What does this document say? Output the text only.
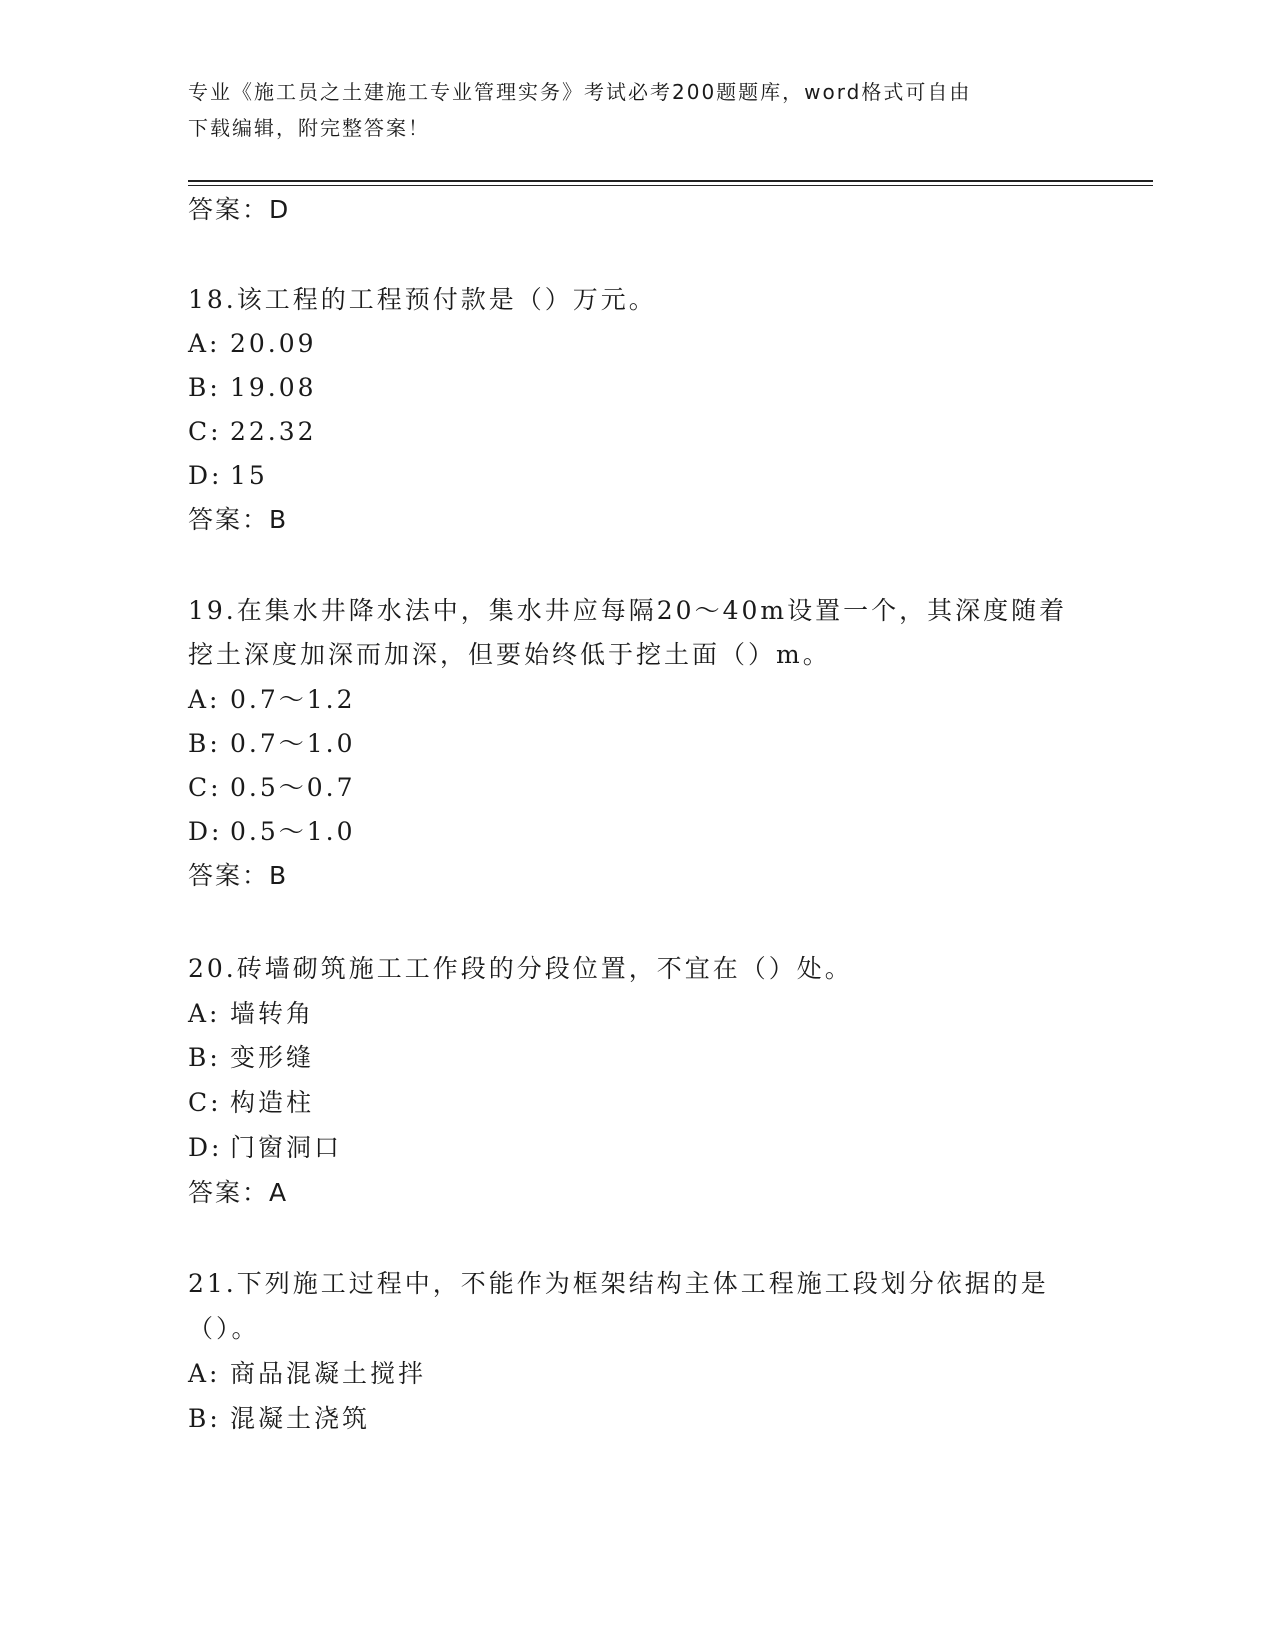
专业《施工员之土建施工专业管理实务》考试必考200题题库，word格式可自由
下载编辑，附完整答案！
答案：D
18.该工程的工程预付款是（）万元。
A: 20.09
B: 19.08
C: 22.32
D: 15
答案：B
19.在集水井降水法中，集水井应每隔20～40m设置一个，其深度随着
挖土深度加深而加深，但要始终低于挖土面（）m。
A: 0.7～1.2
B: 0.7～1.0
C: 0.5～0.7
D: 0.5～1.0
答案：B
20.砖墙砌筑施工工作段的分段位置，不宜在（）处。
A: 墙转角
B: 变形缝
C: 构造柱
D: 门窗洞口
答案：A
21.下列施工过程中，不能作为框架结构主体工程施工段划分依据的是
（）。
A: 商品混凝土搅拌
B: 混凝土浇筑
